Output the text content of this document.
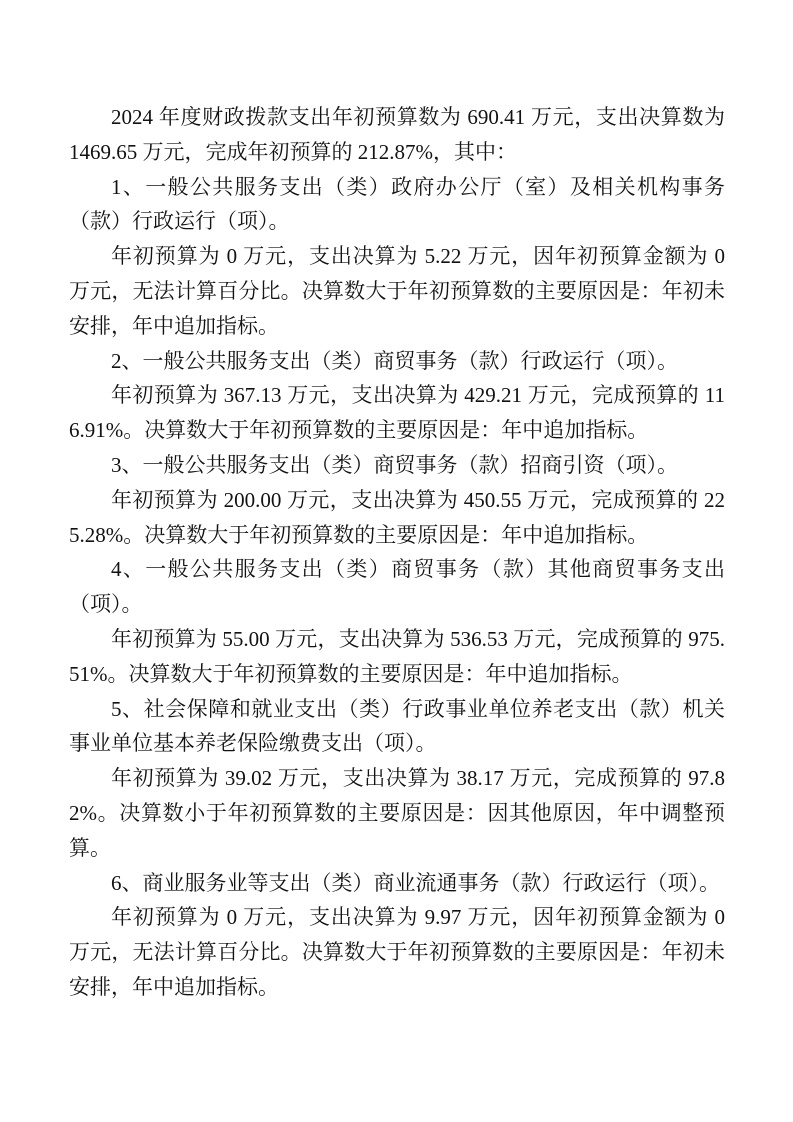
2024 年度财政拨款支出年初预算数为 690.41 万元，支出决算数为 1469.65 万元，完成年初预算的 212.87%，其中：

1、一般公共服务支出（类）政府办公厅（室）及相关机构事务（款）行政运行（项）。

年初预算为 0 万元，支出决算为 5.22 万元，因年初预算金额为 0 万元，无法计算百分比。决算数大于年初预算数的主要原因是：年初未安排，年中追加指标。

2、一般公共服务支出（类）商贸事务（款）行政运行（项）。

年初预算为 367.13 万元，支出决算为 429.21 万元，完成预算的 116.91%。决算数大于年初预算数的主要原因是：年中追加指标。

3、一般公共服务支出（类）商贸事务（款）招商引资（项）。

年初预算为 200.00 万元，支出决算为 450.55 万元，完成预算的 225.28%。决算数大于年初预算数的主要原因是：年中追加指标。

4、一般公共服务支出（类）商贸事务（款）其他商贸事务支出（项）。

年初预算为 55.00 万元，支出决算为 536.53 万元，完成预算的 975.51%。决算数大于年初预算数的主要原因是：年中追加指标。

5、社会保障和就业支出（类）行政事业单位养老支出（款）机关事业单位基本养老保险缴费支出（项）。

年初预算为 39.02 万元，支出决算为 38.17 万元，完成预算的 97.82%。决算数小于年初预算数的主要原因是：因其他原因，年中调整预算。

6、商业服务业等支出（类）商业流通事务（款）行政运行（项）。

年初预算为 0 万元，支出决算为 9.97 万元，因年初预算金额为 0 万元，无法计算百分比。决算数大于年初预算数的主要原因是：年初未安排，年中追加指标。
